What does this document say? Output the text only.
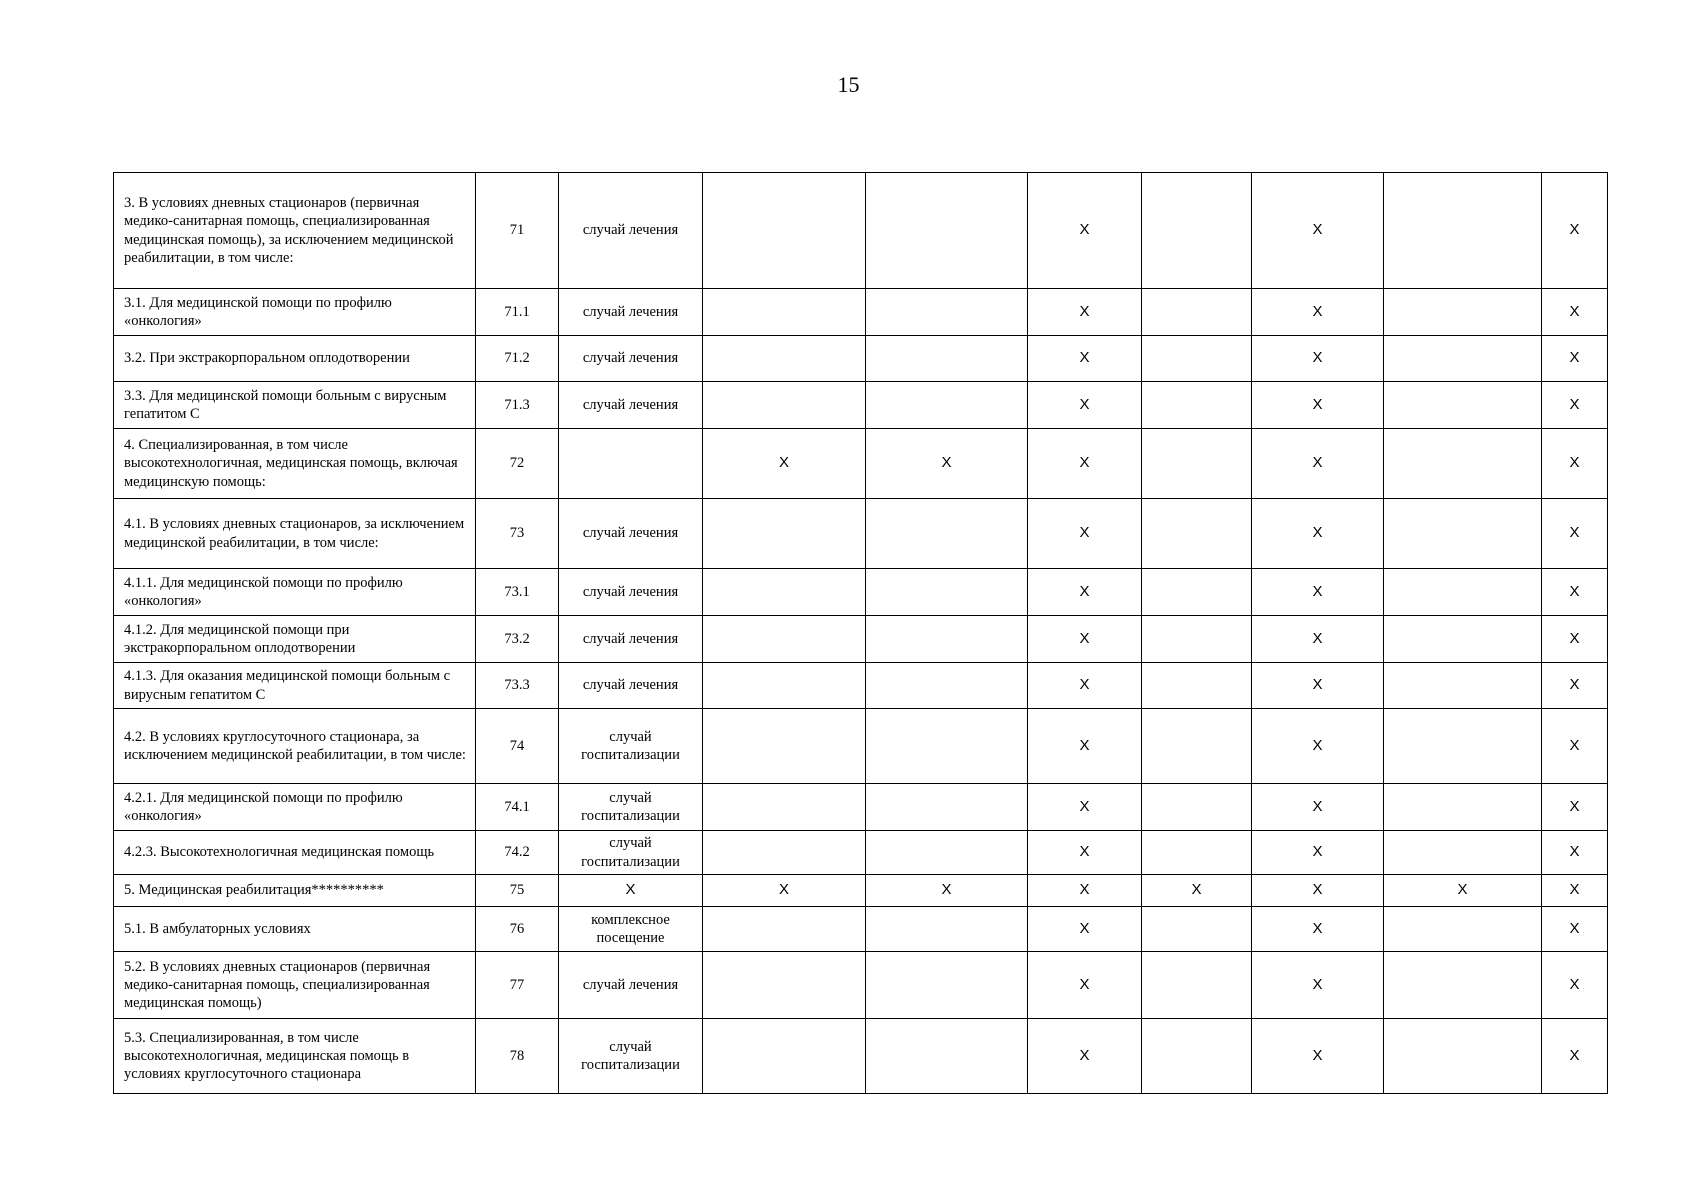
15
3. В условиях дневных стационаров (первичная медико-санитарная помощь, специализированная медицинская помощь), за исключением медицинской реабилитации, в том числе:	71	случай лечения			X		X		X
3.1. Для медицинской помощи по профилю «онкология»	71.1	случай лечения			X		X		X
3.2. При экстракорпоральном оплодотворении	71.2	случай лечения			X		X		X
3.3. Для медицинской помощи больным с вирусным гепатитом С	71.3	случай лечения			X		X		X
4. Специализированная, в том числе высокотехнологичная, медицинская помощь, включая медицинскую помощь:	72		X	X	X		X		X
4.1. В условиях дневных стационаров, за исключением медицинской реабилитации, в том числе:	73	случай лечения			X		X		X
4.1.1. Для медицинской помощи по профилю «онкология»	73.1	случай лечения			X		X		X
4.1.2. Для медицинской помощи при экстракорпоральном оплодотворении	73.2	случай лечения			X		X		X
4.1.3. Для оказания медицинской помощи больным с вирусным гепатитом С	73.3	случай лечения			X		X		X
4.2. В условиях круглосуточного стационара, за исключением медицинской реабилитации, в том числе:	74	случай госпитализации			X		X		X
4.2.1. Для медицинской помощи по профилю «онкология»	74.1	случай госпитализации			X		X		X
4.2.3. Высокотехнологичная медицинская помощь	74.2	случай госпитализации			X		X		X
5. Медицинская реабилитация**********	75	X	X	X	X	X	X	X	X
5.1. В амбулаторных условиях	76	комплексное посещение			X		X		X
5.2. В условиях дневных стационаров (первичная медико-санитарная помощь, специализированная медицинская помощь)	77	случай лечения			X		X		X
5.3. Специализированная, в том числе высокотехнологичная, медицинская помощь в условиях круглосуточного стационара	78	случай госпитализации			X		X		X
